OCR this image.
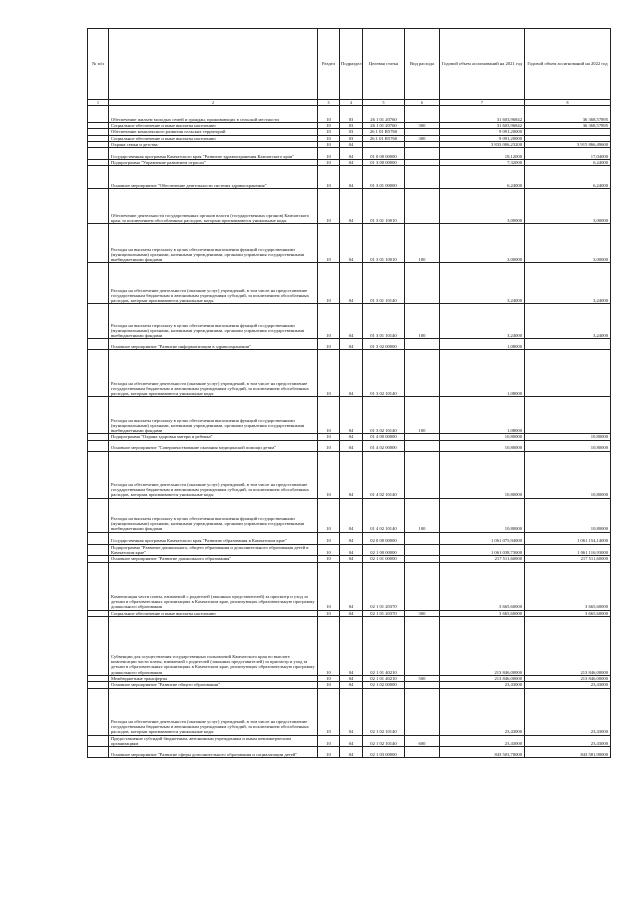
№ п/п	Наименование	Раздел	Подраздел	Целевая статья	Вид расхода	Годовой объем ассигнований на 2021 год	Годовой объем ассигнований на 2022 год
1	2	3	4	5	6	7	8
	Обеспечение жильем молодых семей и граждан, проживающих в сельской местности	10	03	26 1 01 20760		31 603,96842	36 368,57895
	Социальное обеспечение и иные выплаты населению	10	03	26 1 01 20760	300	31 603,96842	36 368,57895
	Обеспечение комплексного развития сельских территорий	10	03	26 1 01 R5760		9 091,20000	
	Социальное обеспечение и иные выплаты населению	10	03	26 1 01 R5760	300	9 091,20000	
	Охрана семьи и детства	10	04			3 833 006,23200	3 915 866,49600
	Государственная программа Камчатского края "Развитие здравоохранения Камчатского края"	10	04	01 0 00 00000		18,12000	17,04000
	Подпрограмма "Управление развитием отрасли"	10	04	01 3 00 00000		7,32000	6,24000
	Основное мероприятие "Обеспечение деятельности системы здравоохранения"	10	04	01 3 01 00000		6,24000	6,24000
	Обеспечение деятельности государственных органов власти (государственных органов) Камчатского края, за исключением обособленных расходов, которым присваиваются уникальные коды	10	04	01 3 01 10010		3,00000	3,00000
	Расходы на выплаты персоналу в целях обеспечения выполнения функций государственными (муниципальными) органами, казенными учреждениями, органами управления государственными внебюджетными фондами	10	04	01 3 01 10010	100	3,00000	3,00000
	Расходы на обеспечение деятельности (оказание услуг) учреждений, в том числе на предоставление государственным бюджетным и автономным учреждениям субсидий, за исключением обособленных расходов, которым присваиваются уникальные коды	10	04	01 3 01 10140		3,24000	3,24000
	Расходы на выплаты персоналу в целях обеспечения выполнения функций государственными (муниципальными) органами, казенными учреждениями, органами управления государственными внебюджетными фондами	10	04	01 3 01 10140	100	3,24000	3,24000
	Основное мероприятие "Развитие информатизации в здравоохранении"	10	04	01 3 02 00000		1,08000	
	Расходы на обеспечение деятельности (оказание услуг) учреждений, в том числе на предоставление государственным бюджетным и автономным учреждениям субсидий, за исключением обособленных расходов, которым присваиваются уникальные коды	10	04	01 3 02 10140		1,08000	
	Расходы на выплаты персоналу в целях обеспечения выполнения функций государственными (муниципальными) органами, казенными учреждениями, органами управления государственными внебюджетными фондами	10	04	01 3 02 10140	100	1,08000	
	Подпрограмма "Охрана здоровья матери и ребенка"	10	04	01 4 00 00000		10,80000	10,80000
	Основное мероприятие "Совершенствование оказания медицинской помощи детям"	10	04	01 4 02 00000		10,80000	10,80000
	Расходы на обеспечение деятельности (оказание услуг) учреждений, в том числе на предоставление государственным бюджетным и автономным учреждениям субсидий, за исключением обособленных расходов, которым присваиваются уникальные коды	10	04	01 4 02 10140		10,80000	10,80000
	Расходы на выплаты персоналу в целях обеспечения выполнения функций государственными (муниципальными) органами, казенными учреждениями, органами управления государственными внебюджетными фондами	10	04	01 4 02 10140	100	10,80000	10,80000
	Государственная программа Камчатского края "Развитие образования в Камчатском крае"	10	04	02 0 00 00000		1 061 075,94000	1 061 154,14000
	Подпрограмма "Развитие дошкольного, общего образования и дополнительного образования детей в Камчатском крае"	10	04	02 1 00 00000		1 061 038,73000	1 061 116,93000
	Основное мероприятие "Развитие дошкольного образования"	10	04	02 1 01 00000		217 511,60000	217 511,60000
	Компенсация части платы, взимаемой с родителей (законных представителей) за присмотр и уход за детьми в образовательных организациях в Камчатском крае, реализующих образовательную программу дошкольного образования	10	04	02 1 01 20370		3 665,60000	3 665,60000
	Социальное обеспечение и иные выплаты населению	10	04	02 1 01 20370	300	3 665,60000	3 665,60000
	Субвенции для осуществления государственных полномочий Камчатского края по выплате компенсации части платы, взимаемой с родителей (законных представителей) за присмотр и уход за детьми в образовательных организациях в Камчатском крае, реализующих образовательную программу дошкольного образования	10	04	02 1 01 40210		213 846,00000	213 846,00000
	Межбюджетные трансферты	10	04	02 1 01 40210	500	213 846,00000	213 846,00000
	Основное мероприятие "Развитие общего образования"	10	04	02 1 02 00000		23,43000	23,43000
	Расходы на обеспечение деятельности (оказание услуг) учреждений, в том числе на предоставление государственным бюджетным и автономным учреждениям субсидий, за исключением обособленных расходов, которым присваиваются уникальные коды	10	04	02 1 02 10140		23,43000	23,43000
	Предоставление субсидий бюджетным, автономным учреждениям и иным некоммерческим организациям	10	04	02 1 02 10140	600	23,43000	23,43000
	Основное мероприятие "Развитие сферы дополнительного образования и социализации детей"	10	04	02 1 03 00000		843 503,70000	843 581,90000
